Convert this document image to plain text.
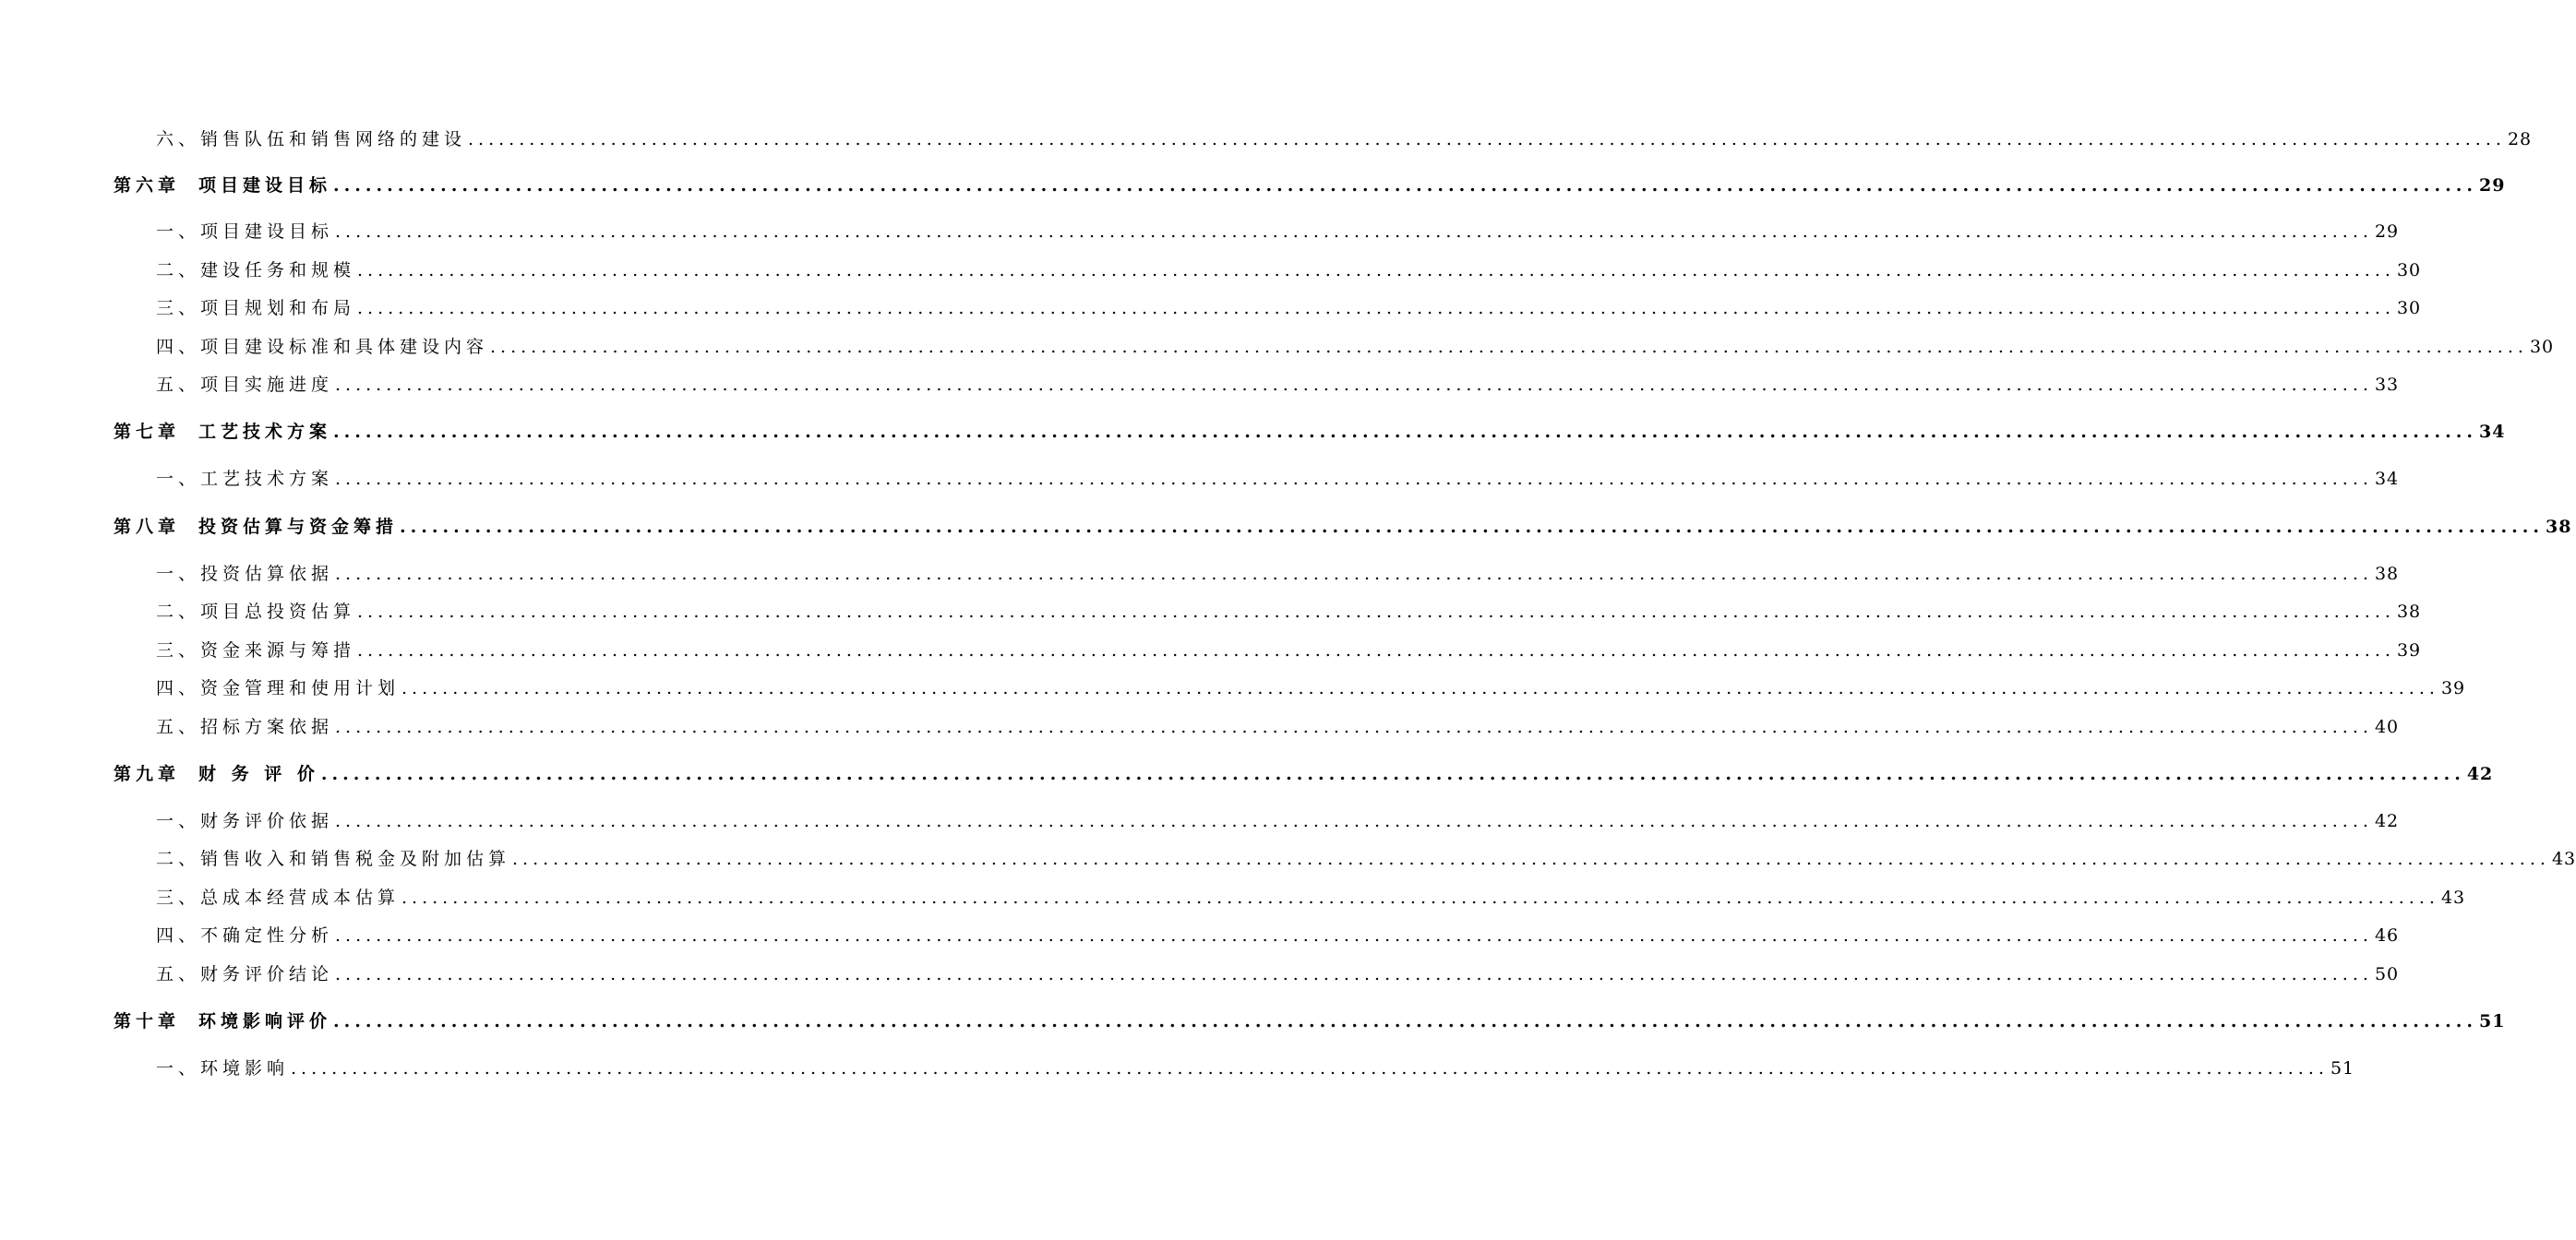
六、销售队伍和销售网络的建设 ........................................................................................................................................................................................................ 28
第六章	项目建设目标 ........................................................................................................................................................................................................ 29
一、项目建设目标 ........................................................................................................................................................................................................ 29
二、建设任务和规模 ........................................................................................................................................................................................................ 30
三、项目规划和布局 ........................................................................................................................................................................................................ 30
四、项目建设标准和具体建设内容 ........................................................................................................................................................................................................ 30
五、项目实施进度 ........................................................................................................................................................................................................ 33
第七章	工艺技术方案 ........................................................................................................................................................................................................ 34
一、工艺技术方案 ........................................................................................................................................................................................................ 34
第八章	投资估算与资金筹措 ........................................................................................................................................................................................................ 38
一、投资估算依据 ........................................................................................................................................................................................................ 38
二、项目总投资估算 ........................................................................................................................................................................................................ 38
三、资金来源与筹措 ........................................................................................................................................................................................................ 39
四、资金管理和使用计划 ........................................................................................................................................................................................................ 39
五、招标方案依据 ........................................................................................................................................................................................................ 40
第九章	财 务 评 价 ........................................................................................................................................................................................................ 42
一、财务评价依据 ........................................................................................................................................................................................................ 42
二、销售收入和销售税金及附加估算 ........................................................................................................................................................................................................ 43
三、总成本经营成本估算 ........................................................................................................................................................................................................ 43
四、不确定性分析 ........................................................................................................................................................................................................ 46
五、财务评价结论 ........................................................................................................................................................................................................ 50
第十章	环境影响评价 ........................................................................................................................................................................................................ 51
一、环境影响 ........................................................................................................................................................................................................ 51
